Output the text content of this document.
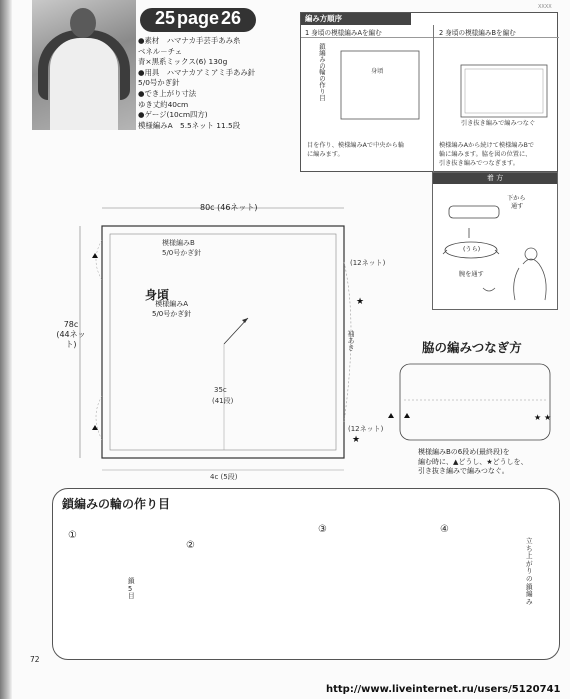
XXXX
25 page 26
●素材　ハマナカ手芸手あみ糸
ベネル－チェ
青×黒系ミックス(6) 130g
●用具　ハマナカアミアミ手あみ針
5/0号かぎ針
●でき上がり寸法
ゆき丈約40cm
●ゲージ(10cm四方)
模様編みA　5.5ネット 11.5段
編み方順序
1 身頃の模様編みAを編む	2 身頃の模様編みBを編む
鎖編みの輪の作り目	身頃
引き抜き編みで編みつなぐ
目を作り、模様編みAで中央から輪
に編みます。
模様編みAから続けて模様編みBで
輪に編みます。脇を図の位置に、
引き抜き編みでつなぎます。
着 方
下から
通す
(うら)
腕を通す
★
★
★ ★
80c (46ネット)
78c
(44ネット)
模様編みB
5/0号かぎ針
身頃
模様編みA
5/0号かぎ針
35c
(41段)
(12ネット)
(12ネット)
袖あき
4c (5段)
脇の編みつなぎ方
模様編みBの6段め(最終段)を
編む時に、▲どうし、★どうしを、
引き抜き編みで編みつなぐ。
鎖編みの輪の作り目
①
②
③	④
鎖5目
立ち上がりの鎖編み
72
http://www.liveinternet.ru/users/5120741
